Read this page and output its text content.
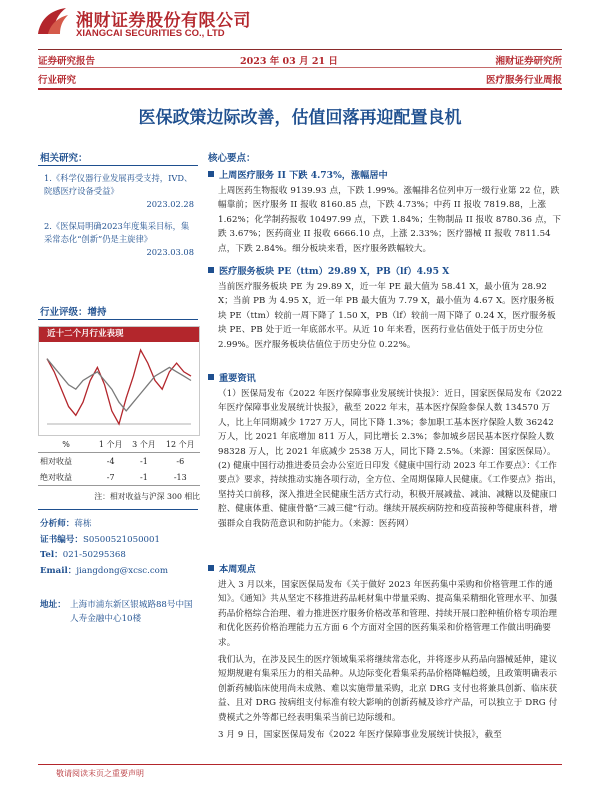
湘财证券股份有限公司
XIANGCAI SECURITIES CO., LTD
证券研究报告	2023 年 03 月 21 日	湘财证券研究所
行业研究	医疗服务行业周报
医保政策边际改善，估值回落再迎配置良机
相关研究：
1.《科学仪器行业发展再受支持，IVD、院感医疗设备受益》
2023.02.28
2.《医保局明确2023年度集采目标，集采常态化“创新”仍是主旋律》
2023.03.08
行业评级：增持
近十二个月行业表现
%	1 个月	3 个月	12 个月
相对收益	-4	-1	-6
绝对收益	-7	-1	-13
注：相对收益与沪深 300 相比
分析师：蒋栋
证书编号：S0500521050001
Tel：021-50295368
Email：jiangdong@xcsc.com
地址： 上海市浦东新区银城路88号中国人寿金融中心10楼
核心要点：
上周医疗服务 II 下跌 4.73%，涨幅居中
上周医药生物报收 9139.93 点，下跌 1.99%。涨幅排名位列申万一级行业第 22 位，跌幅靠前；医疗服务 II 报收 8160.85 点，下跌 4.73%；中药 II 报收 7819.88，上涨 1.62%；化学制药报收 10497.99 点，下跌 1.84%；生物制品 II 报收 8780.36 点，下跌 3.67%；医药商业 II 报收 6666.10 点，上涨 2.33%；医疗器械 II 报收 7811.54 点，下跌 2.84%。细分板块来看，医疗服务跌幅较大。
医疗服务板块 PE（ttm）29.89 X，PB（lf）4.95 X
当前医疗服务板块 PE 为 29.89 X，近一年 PE 最大值为 58.41 X，最小值为 28.92 X；当前 PB 为 4.95 X，近一年 PB 最大值为 7.79 X，最小值为 4.67 X。医疗服务板块 PE（ttm）较前一周下降了 1.50 X，PB（lf）较前一周下降了 0.24 X，医疗服务板块 PE、PB 处于近一年底部水平。从近 10 年来看，医药行业估值处于低于历史分位 2.99%。医疗服务板块估值位于历史分位 0.22%。
重要资讯
（1）医保局发布《2022 年医疗保障事业发展统计快报》：近日，国家医保局发布《2022 年医疗保障事业发展统计快报》，截至 2022 年末，基本医疗保险参保人数 134570 万人，比上年同期减少 1727 万人，同比下降 1.3%；参加职工基本医疗保险人数 36242 万人，比 2021 年底增加 811 万人，同比增长 2.3%；参加城乡居民基本医疗保险人数 98328 万人，比 2021 年底减少 2538 万人，同比下降 2.5%。（来源：国家医保局）。(2) 健康中国行动推进委员会办公室近日印发《健康中国行动 2023 年工作要点》：《工作要点》要求，持续推动实施各项行动，全方位、全周期保障人民健康。《工作要点》指出，坚持关口前移，深入推进全民健康生活方式行动，积极开展减盐、减油、减糖以及健康口腔、健康体重、健康骨骼“三减三健”行动。继续开展疾病防控和疫苗接种等健康科普，增强群众自我防范意识和防护能力。（来源：医药网）
本周观点
进入 3 月以来，国家医保局发布《关于做好 2023 年医药集中采购和价格管理工作的通知》。《通知》共从坚定不移推进药品耗材集中带量采购、提高集采精细化管理水平、加强药品价格综合治理、着力推进医疗服务价格改革和管理、持续开展口腔种植价格专项治理和优化医药价格治理能力五方面 6 个方面对全国的医药集采和价格管理工作做出明确要求。
我们认为，在涉及民生的医疗领域集采将继续常态化，并将逐步从药品向器械延伸，建议短期规避有集采压力的相关品种。从边际变化看集采药品价格降幅趋缓，且政策明确表示创新药械临床使用尚未成熟、难以实施带量采购，北京 DRG 支付也将兼具创新、临床获益、且对 DRG 按病组支付标准有较大影响的创新药械及诊疗产品，可以独立于 DRG 付费模式之外等都已经表明集采当前已边际缓和。
3 月 9 日，国家医保局发布《2022 年医疗保障事业发展统计快报》，截至
敬请阅读末页之重要声明
